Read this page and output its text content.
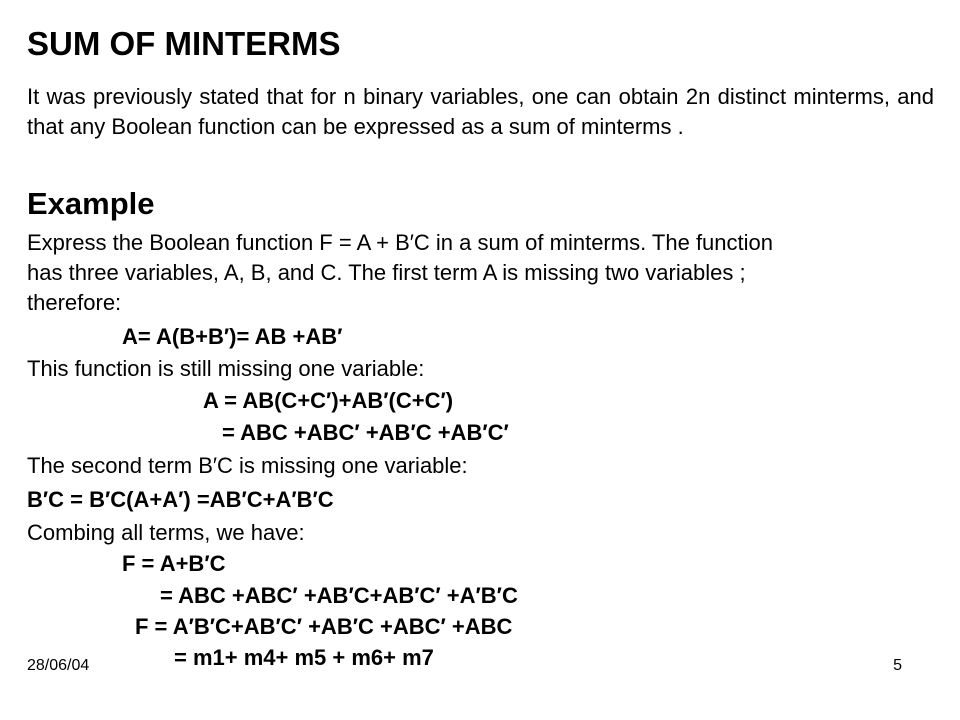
SUM OF MINTERMS

It was previously stated that for n binary variables, one can obtain 2n distinct minterms, and that any Boolean function can be expressed as a sum of minterms .

Example

Express the Boolean function F = A + B′C in a sum of minterms. The function

has three variables, A, B, and C. The first term A is missing two variables ;

therefore:

A= A(B+B′)= AB +AB′

This function is still missing one variable:

A = AB(C+C′)+AB′(C+C′)

= ABC +ABC′ +AB′C +AB′C′

The second term B′C is missing one variable:

B′C = B′C(A+A′) =AB′C+A′B′C

Combing all terms, we have:

F = A+B′C

= ABC +ABC′ +AB′C+AB′C′ +A′B′C

F = A′B′C+AB′C′ +AB′C +ABC′ +ABC

= m1+ m4+ m5 + m6+ m7

28/06/04	5
